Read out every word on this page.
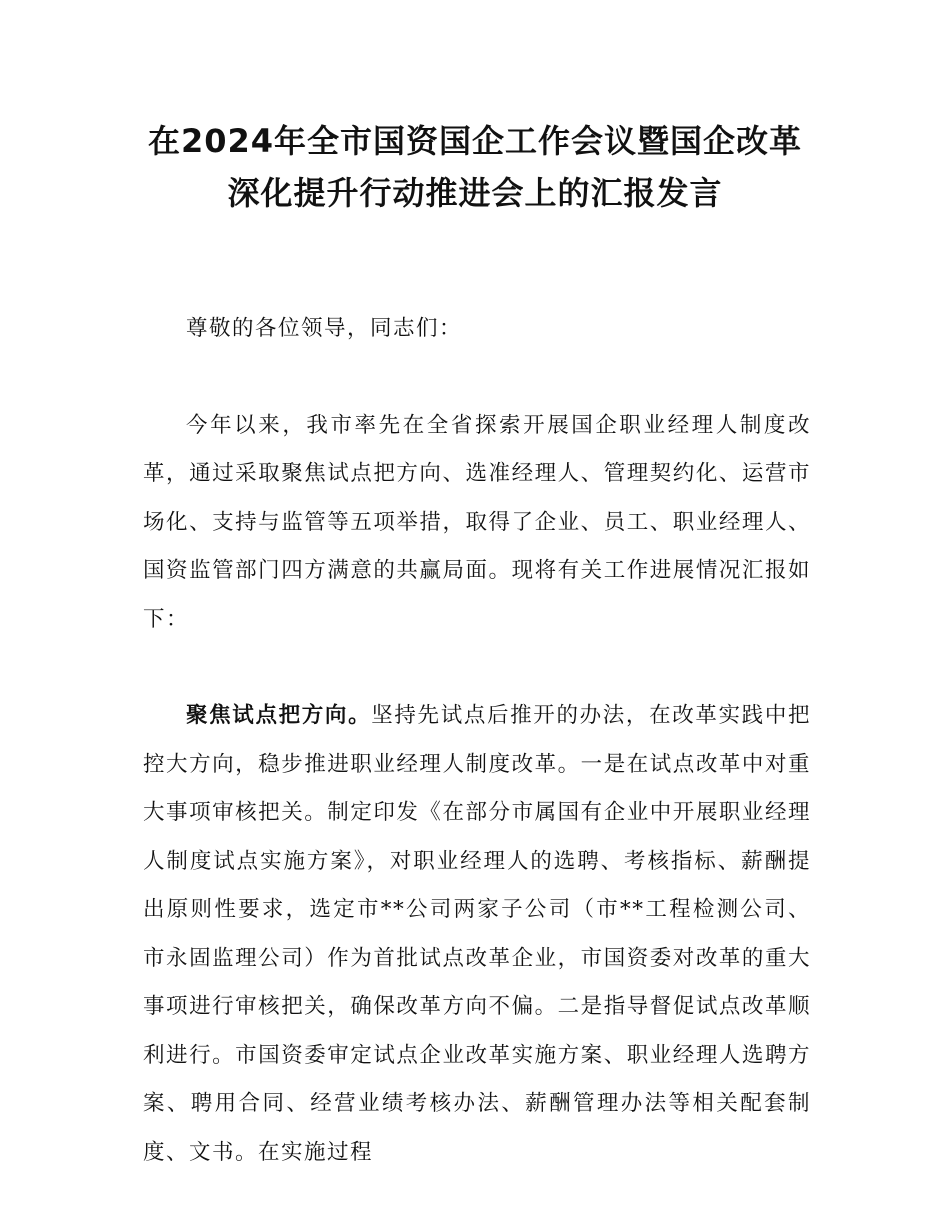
在2024年全市国资国企工作会议暨国企改革
深化提升行动推进会上的汇报发言

尊敬的各位领导，同志们：

今年以来，我市率先在全省探索开展国企职业经理人制度改革，通过采取聚焦试点把方向、选准经理人、管理契约化、运营市场化、支持与监管等五项举措，取得了企业、员工、职业经理人、国资监管部门四方满意的共赢局面。现将有关工作进展情况汇报如下：

聚焦试点把方向。坚持先试点后推开的办法，在改革实践中把控大方向，稳步推进职业经理人制度改革。一是在试点改革中对重大事项审核把关。制定印发《在部分市属国有企业中开展职业经理人制度试点实施方案》，对职业经理人的选聘、考核指标、薪酬提出原则性要求，选定市**公司两家子公司（市**工程检测公司、市永固监理公司）作为首批试点改革企业，市国资委对改革的重大事项进行审核把关，确保改革方向不偏。二是指导督促试点改革顺利进行。市国资委审定试点企业改革实施方案、职业经理人选聘方案、聘用合同、经营业绩考核办法、薪酬管理办法等相关配套制度、文书。在实施过程
